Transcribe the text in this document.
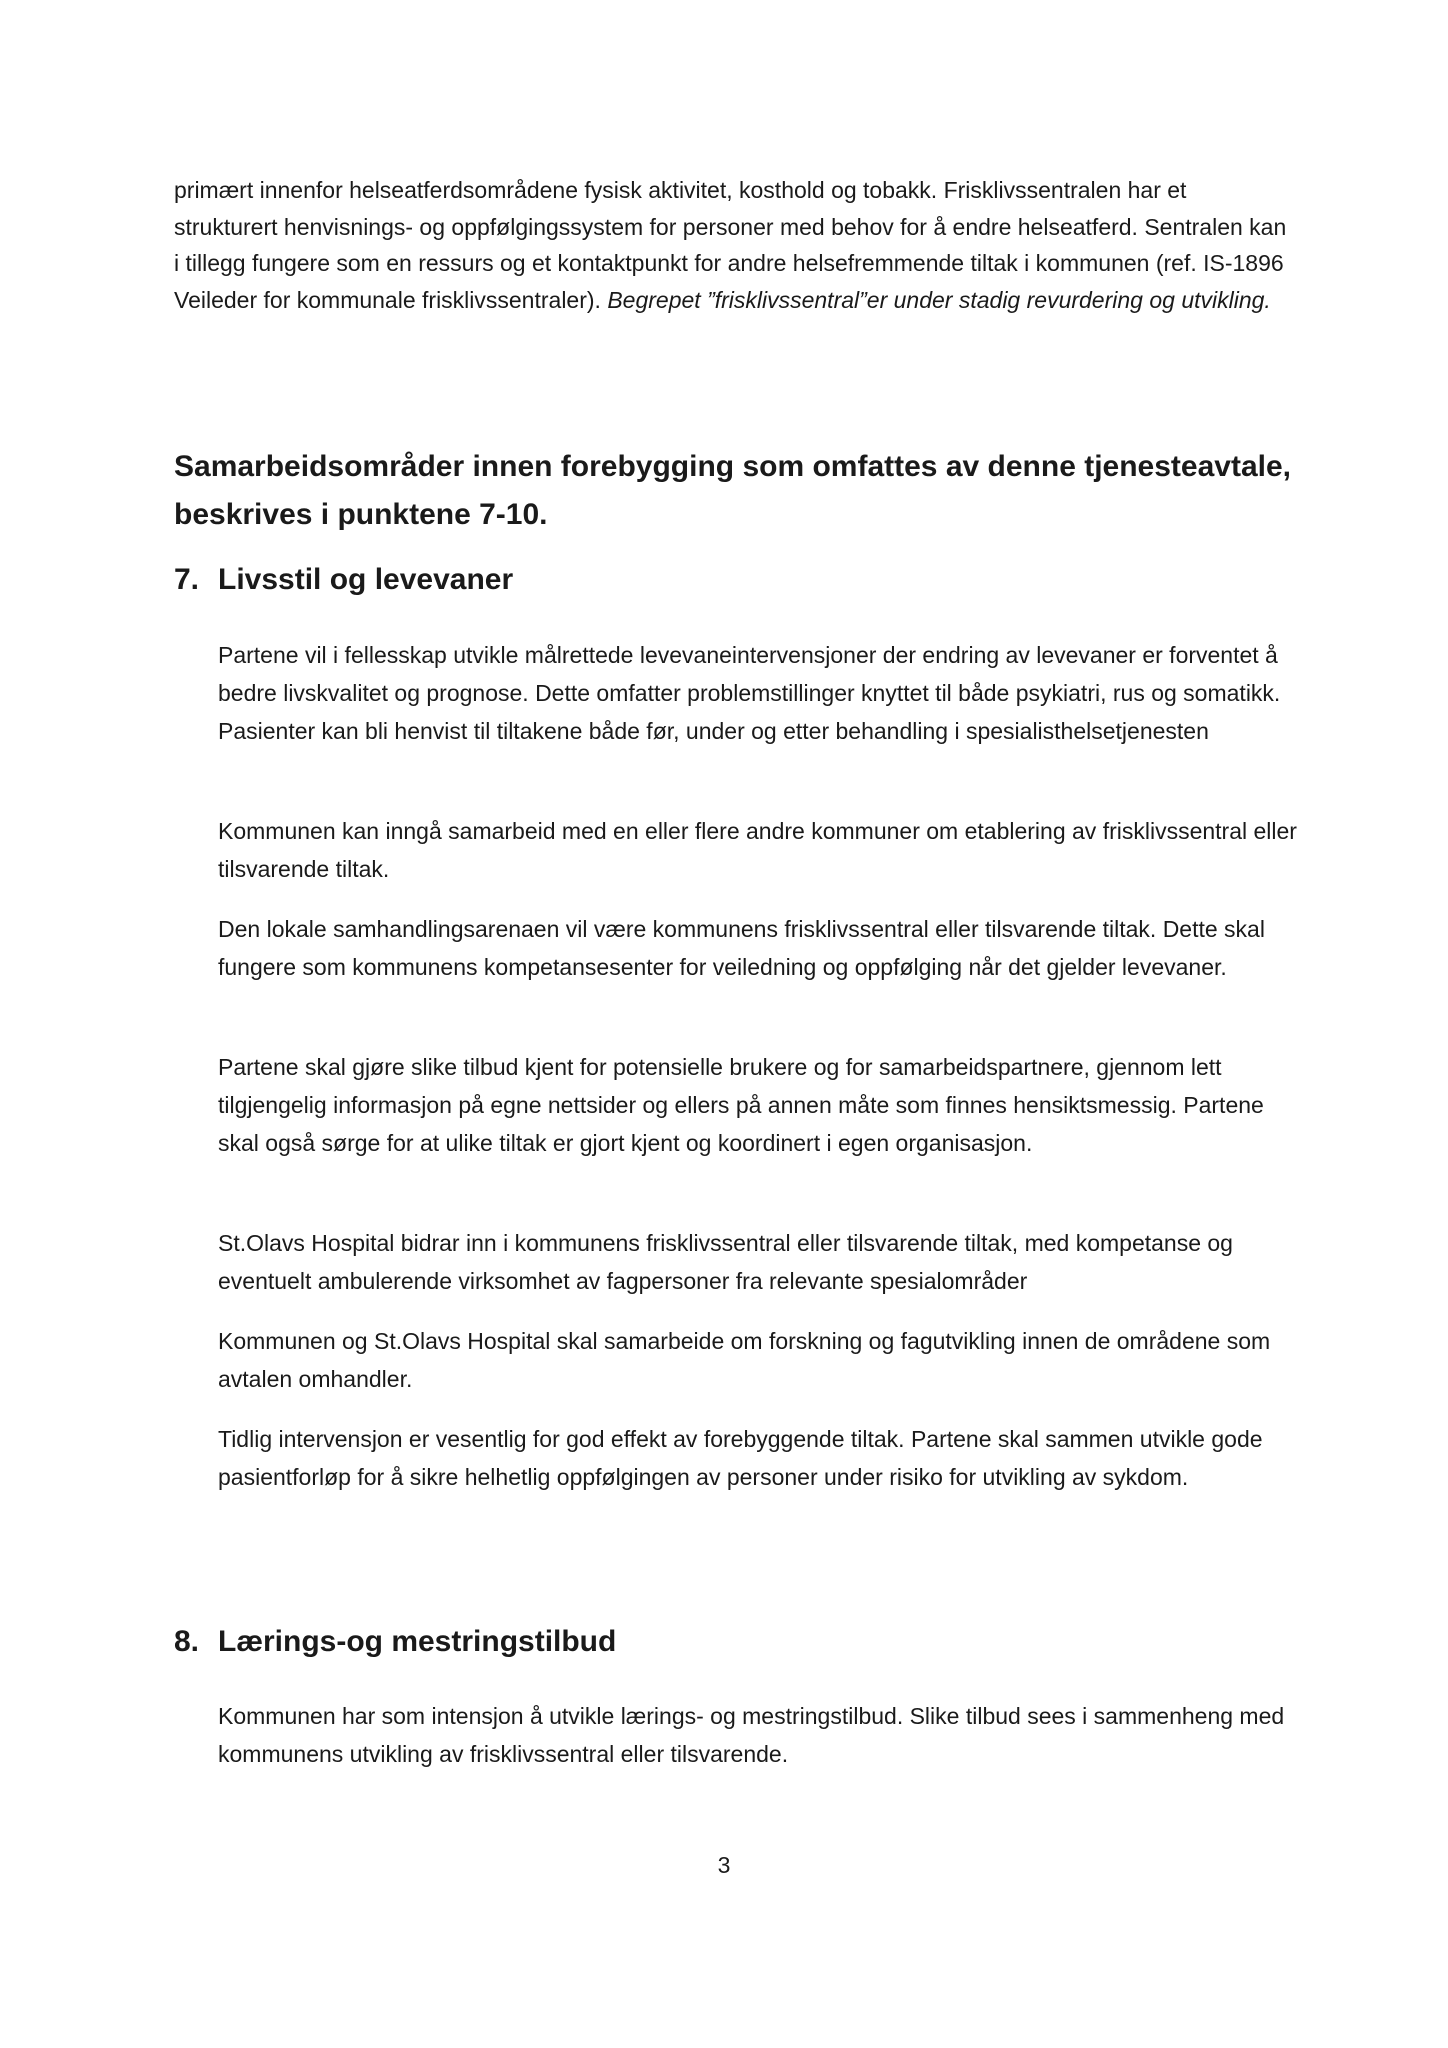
primært innenfor helseatferdsområdene fysisk aktivitet, kosthold og tobakk. Frisklivssentralen har et strukturert henvisnings- og oppfølgingssystem for personer med behov for å endre helseatferd. Sentralen kan i tillegg fungere som en ressurs og et kontaktpunkt for andre helsefremmende tiltak i kommunen (ref. IS-1896 Veileder for kommunale frisklivssentraler). Begrepet ”frisklivssentral”er under stadig revurdering og utvikling.

Samarbeidsområder innen forebygging som omfattes av denne tjenesteavtale, beskrives i punktene 7-10.
7. Livsstil og levevaner

Partene vil i fellesskap utvikle målrettede levevaneintervensjoner der endring av levevaner er forventet å bedre livskvalitet og prognose. Dette omfatter problemstillinger knyttet til både psykiatri, rus og somatikk. Pasienter kan bli henvist til tiltakene både før, under og etter behandling i spesialisthelsetjenesten

Kommunen kan inngå samarbeid med en eller flere andre kommuner om etablering av frisklivssentral eller tilsvarende tiltak.

Den lokale samhandlingsarenaen vil være kommunens frisklivssentral eller tilsvarende tiltak. Dette skal fungere som kommunens kompetansesenter for veiledning og oppfølging når det gjelder levevaner.

Partene skal gjøre slike tilbud kjent for potensielle brukere og for samarbeidspartnere, gjennom lett tilgjengelig informasjon på egne nettsider og ellers på annen måte som finnes hensiktsmessig. Partene skal også sørge for at ulike tiltak er gjort kjent og koordinert i egen organisasjon.

St.Olavs Hospital bidrar inn i kommunens frisklivssentral eller tilsvarende tiltak, med kompetanse og eventuelt ambulerende virksomhet av fagpersoner fra relevante spesialområder

Kommunen og St.Olavs Hospital skal samarbeide om forskning og fagutvikling innen de områdene som avtalen omhandler.

Tidlig intervensjon er vesentlig for god effekt av forebyggende tiltak. Partene skal sammen utvikle gode pasientforløp for å sikre helhetlig oppfølgingen av personer under risiko for utvikling av sykdom.

8. Lærings-og mestringstilbud

Kommunen har som intensjon å utvikle lærings- og mestringstilbud. Slike tilbud sees i sammenheng med kommunens utvikling av frisklivssentral eller tilsvarende.

3
